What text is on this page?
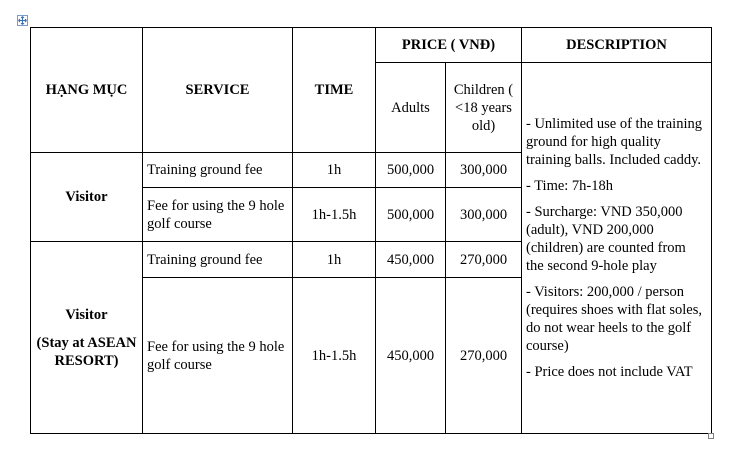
HẠNG MỤC	SERVICE	TIME	PRICE ( VNĐ)		DESCRIPTION
			Adults	Children ( <18 years old)	- Unlimited use of the training ground for high quality training balls. Included caddy.

- Time: 7h-18h

- Surcharge: VND 350,000 (adult), VND 200,000 (children) are counted from the second 9-hole play

- Visitors: 200,000 / person (requires shoes with flat soles, do not wear heels to the golf course)

- Price does not include VAT

Visitor	Training ground fee	1h	500,000	300,000	
	Fee for using the 9 hole golf course	1h-1.5h	500,000	300,000	

Visitor
(Stay at ASEAN RESORT)	Training ground fee	1h	450,000	270,000	
	Fee for using the 9 hole golf course	1h-1.5h	450,000	270,000	
